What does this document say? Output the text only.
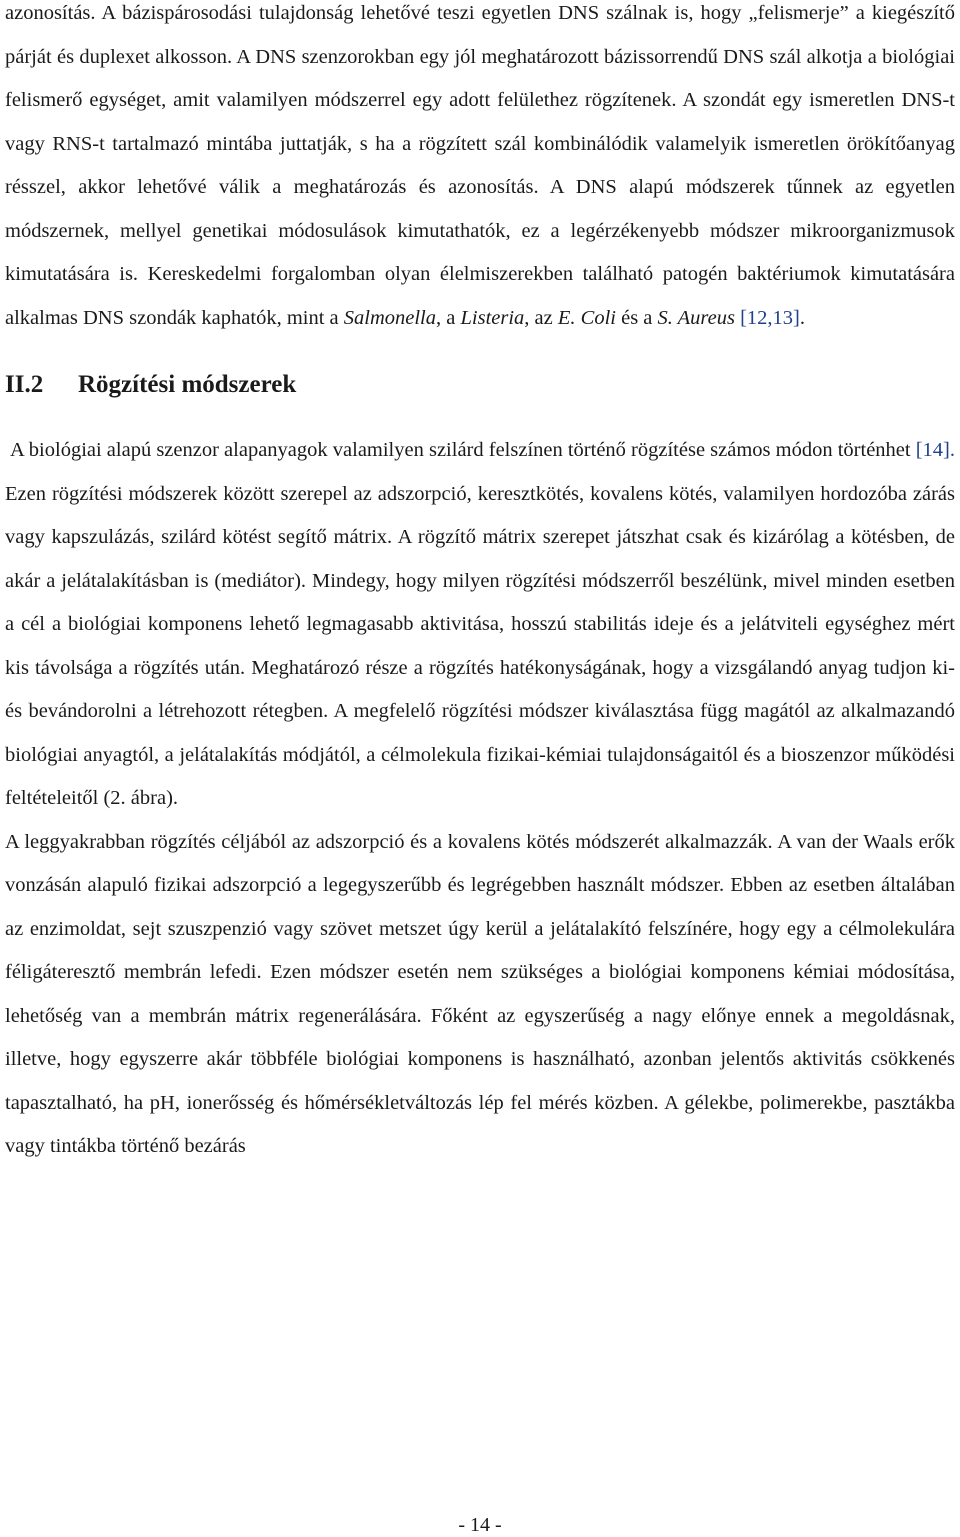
azonosítás. A bázispárosodási tulajdonság lehetővé teszi egyetlen DNS szálnak is, hogy „felismerje” a kiegészítő párját és duplexet alkosson. A DNS szenzorokban egy jól meghatározott bázissorrendű DNS szál alkotja a biológiai felismerő egységet, amit valamilyen módszerrel egy adott felülethez rögzítenek. A szondát egy ismeretlen DNS-t vagy RNS-t tartalmazó mintába juttatják, s ha a rögzített szál kombinálódik valamelyik ismeretlen örökítőanyag résszel, akkor lehetővé válik a meghatározás és azonosítás. A DNS alapú módszerek tűnnek az egyetlen módszernek, mellyel genetikai módosulások kimutathatók, ez a legérzékenyebb módszer mikroorganizmusok kimutatására is. Kereskedelmi forgalomban olyan élelmiszerekben található patogén baktériumok kimutatására alkalmas DNS szondák kaphatók, mint a Salmonella, a Listeria, az E. Coli és a S. Aureus [12,13].

II.2 Rögzítési módszerek

A biológiai alapú szenzor alapanyagok valamilyen szilárd felszínen történő rögzítése számos módon történhet [14]. Ezen rögzítési módszerek között szerepel az adszorpció, keresztkötés, kovalens kötés, valamilyen hordozóba zárás vagy kapszulázás, szilárd kötést segítő mátrix. A rögzítő mátrix szerepet játszhat csak és kizárólag a kötésben, de akár a jelátalakításban is (mediátor). Mindegy, hogy milyen rögzítési módszerről beszélünk, mivel minden esetben a cél a biológiai komponens lehető legmagasabb aktivitása, hosszú stabilitás ideje és a jelátviteli egységhez mért kis távolsága a rögzítés után. Meghatározó része a rögzítés hatékonyságának, hogy a vizsgálandó anyag tudjon ki- és bevándorolni a létrehozott rétegben. A megfelelő rögzítési módszer kiválasztása függ magától az alkalmazandó biológiai anyagtól, a jelátalakítás módjától, a célmolekula fizikai-kémiai tulajdonságaitól és a bioszenzor működési feltételeitől (2. ábra).

A leggyakrabban rögzítés céljából az adszorpció és a kovalens kötés módszerét alkalmazzák. A van der Waals erők vonzásán alapuló fizikai adszorpció a legegyszerűbb és legrégebben használt módszer. Ebben az esetben általában az enzimoldat, sejt szuszpenzió vagy szövet metszet úgy kerül a jelátalakító felszínére, hogy egy a célmolekulára féligáteresztő membrán lefedi. Ezen módszer esetén nem szükséges a biológiai komponens kémiai módosítása, lehetőség van a membrán mátrix regenerálására. Főként az egyszerűség a nagy előnye ennek a megoldásnak, illetve, hogy egyszerre akár többféle biológiai komponens is használható, azonban jelentős aktivitás csökkenés tapasztalható, ha pH, ionerősség és hőmérsékletváltozás lép fel mérés közben. A gélekbe, polimerekbe, pasztákba vagy tintákba történő bezárás

- 14 -
